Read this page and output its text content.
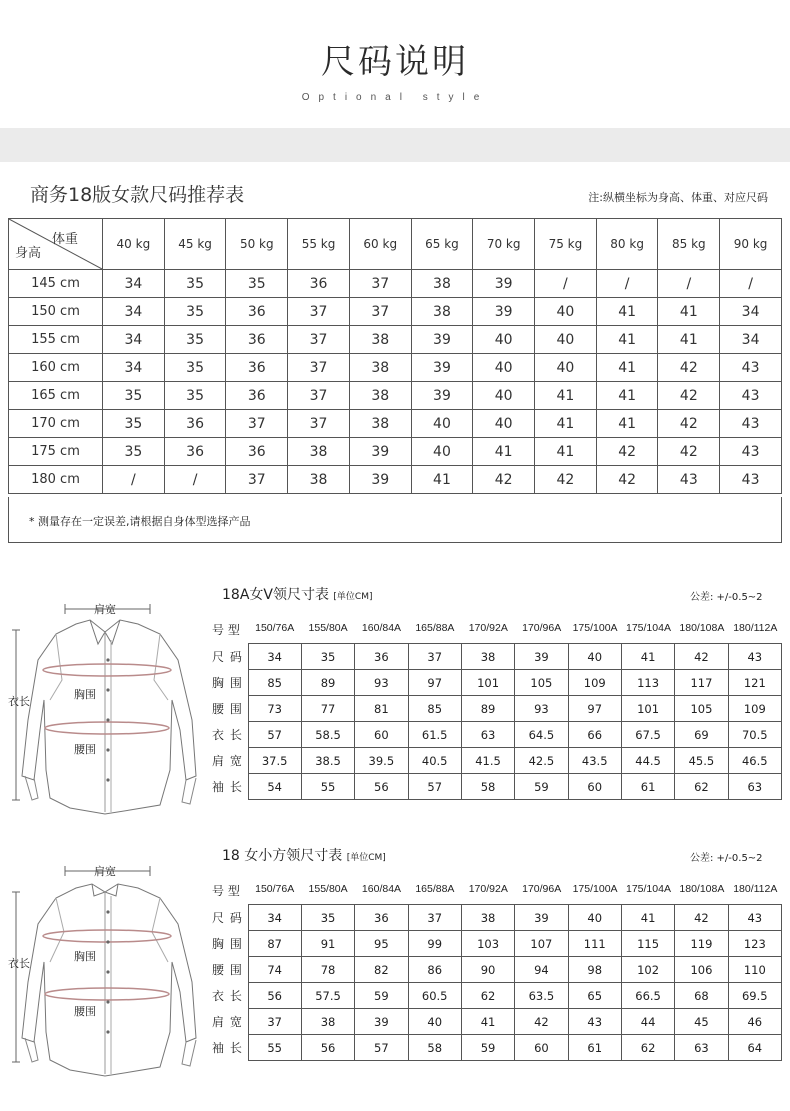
尺码说明
Optional style
商务18版女款尺码推荐表	注:纵横坐标为身高、体重、对应尺码
体重
身高	40 kg	45 kg	50 kg	55 kg	60 kg	65 kg	70 kg	75 kg	80 kg	85 kg	90 kg
145 cm	34	35	35	36	37	38	39	/	/	/	/
150 cm	34	35	36	37	37	38	39	40	41	41	34
155 cm	34	35	36	37	38	39	40	40	41	41	34
160 cm	34	35	36	37	38	39	40	40	41	42	43
165 cm	35	35	36	37	38	39	40	41	41	42	43
170 cm	35	36	37	37	38	40	40	41	41	42	43
175 cm	35	36	36	38	39	40	41	41	42	42	43
180 cm	/	/	37	38	39	41	42	42	42	43	43
* 测量存在一定误差,请根据自身体型选择产品
18A女V领尺寸表 [单位CM]	公差: +/-0.5~2
号 型	150/76A	155/80A	160/84A	165/88A	170/92A	170/96A	175/100A 175/104A 180/108A 180/112A
尺 码	34	35	36	37	38	39	40	41	42	43
胸 围	85	89	93	97	101	105	109	113	117	121
腰 围	73	77	81	85	89	93	97	101	105	109
衣 长	57	58.5	60	61.5	63	64.5	66	67.5	69	70.5
肩 宽	37.5	38.5	39.5	40.5	41.5	42.5	43.5	44.5	45.5	46.5
袖 长	54	55	56	57	58	59	60	61	62	63
肩宽
衣长
胸围
腰围
18 女小方领尺寸表 [单位CM]	公差: +/-0.5~2
号 型	150/76A	155/80A	160/84A	165/88A	170/92A	170/96A	175/100A 175/104A 180/108A 180/112A
尺 码	34	35	36	37	38	39	40	41	42	43
胸 围	87	91	95	99	103	107	111	115	119	123
腰 围	74	78	82	86	90	94	98	102	106	110
衣 长	56	57.5	59	60.5	62	63.5	65	66.5	68	69.5
肩 宽	37	38	39	40	41	42	43	44	45	46
袖 长	55	56	57	58	59	60	61	62	63	64
肩宽
衣长
胸围
腰围
